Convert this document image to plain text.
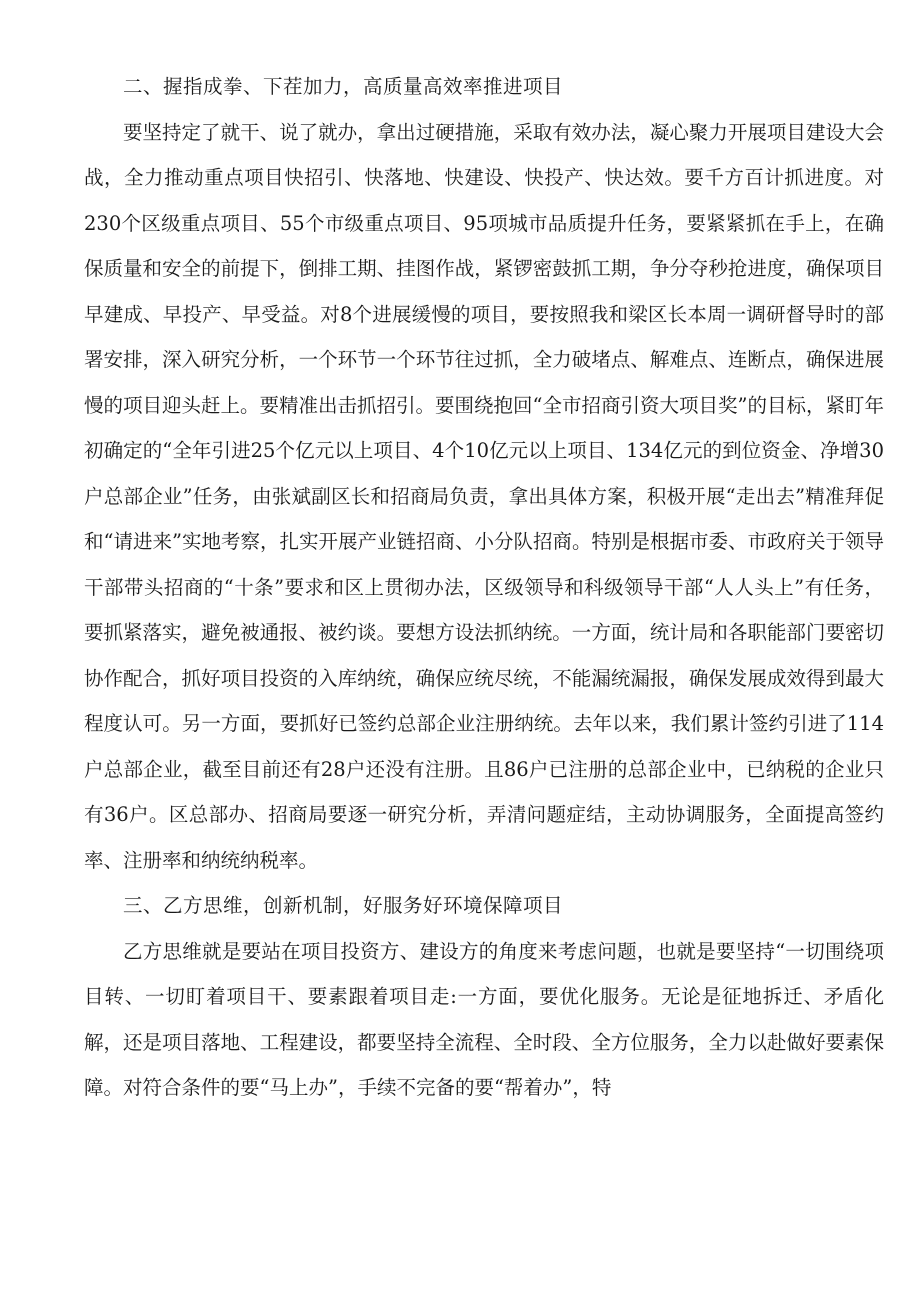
二、握指成拳、下茬加力，高质量高效率推进项目

要坚持定了就干、说了就办，拿出过硬措施，采取有效办法，凝心聚力开展项目建设大会战，全力推动重点项目快招引、快落地、快建设、快投产、快达效。要千方百计抓进度。对230个区级重点项目、55个市级重点项目、95项城市品质提升任务，要紧紧抓在手上，在确保质量和安全的前提下，倒排工期、挂图作战，紧锣密鼓抓工期，争分夺秒抢进度，确保项目早建成、早投产、早受益。对8个进展缓慢的项目，要按照我和梁区长本周一调研督导时的部署安排，深入研究分析，一个环节一个环节往过抓，全力破堵点、解难点、连断点，确保进展慢的项目迎头赶上。要精准出击抓招引。要围绕抱回“全市招商引资大项目奖”的目标，紧盯年初确定的“全年引进25个亿元以上项目、4个10亿元以上项目、134亿元的到位资金、净增30户总部企业”任务，由张斌副区长和招商局负责，拿出具体方案，积极开展“走出去”精准拜促和“请进来”实地考察，扎实开展产业链招商、小分队招商。特别是根据市委、市政府关于领导干部带头招商的“十条”要求和区上贯彻办法，区级领导和科级领导干部“人人头上”有任务，要抓紧落实，避免被通报、被约谈。要想方设法抓纳统。一方面，统计局和各职能部门要密切协作配合，抓好项目投资的入库纳统，确保应统尽统，不能漏统漏报，确保发展成效得到最大程度认可。另一方面，要抓好已签约总部企业注册纳统。去年以来，我们累计签约引进了114户总部企业，截至目前还有28户还没有注册。且86户已注册的总部企业中，已纳税的企业只有36户。区总部办、招商局要逐一研究分析，弄清问题症结，主动协调服务，全面提高签约率、注册率和纳统纳税率。

三、乙方思维，创新机制，好服务好环境保障项目

乙方思维就是要站在项目投资方、建设方的角度来考虑问题，也就是要坚持“一切围绕项目转、一切盯着项目干、要素跟着项目走:一方面，要优化服务。无论是征地拆迁、矛盾化解，还是项目落地、工程建设，都要坚持全流程、全时段、全方位服务，全力以赴做好要素保障。对符合条件的要“马上办”，手续不完备的要“帮着办”，特
